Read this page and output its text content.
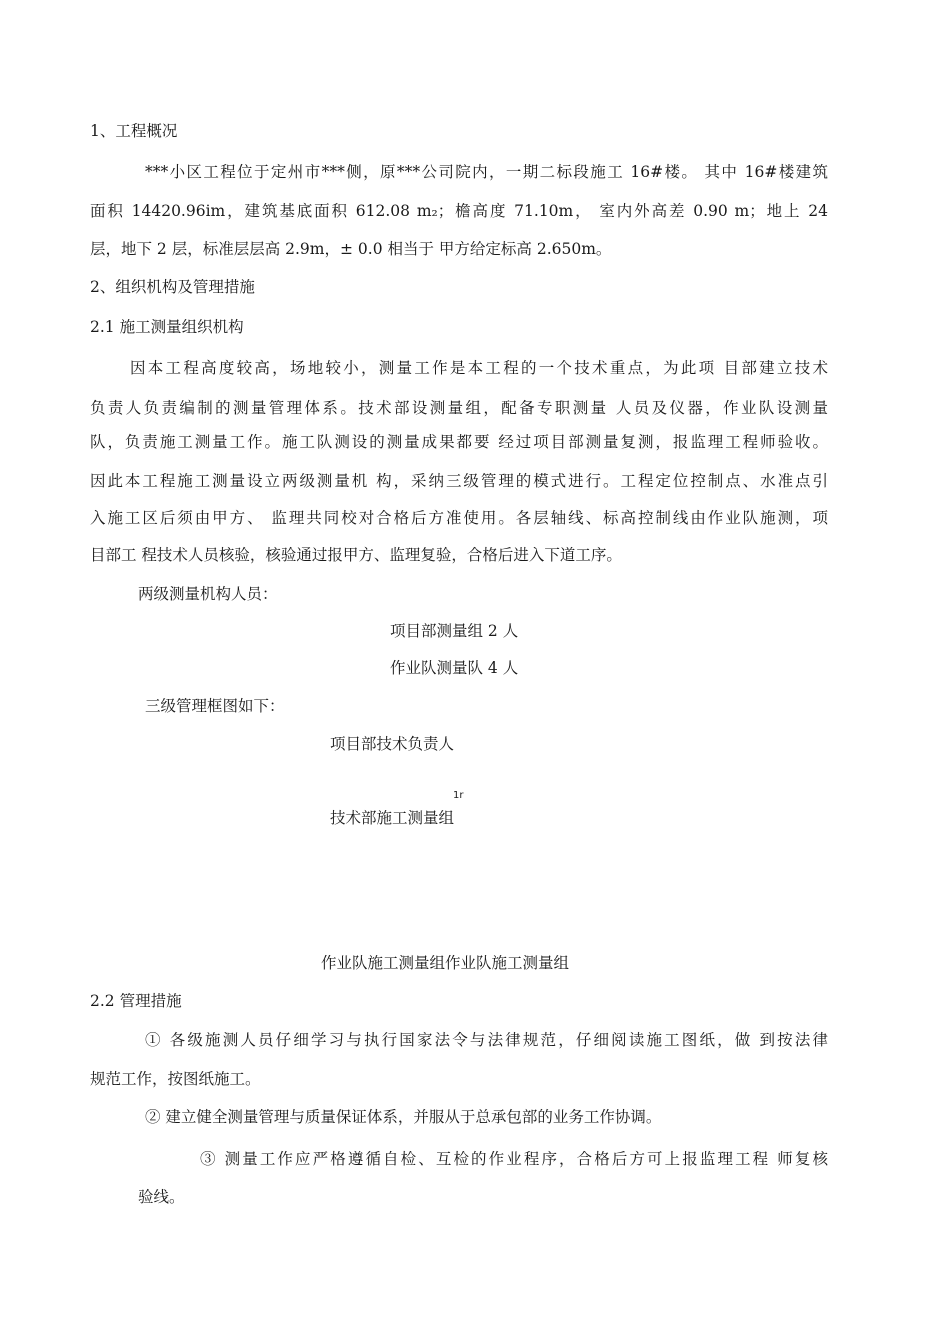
1、工程概况
***小区工程位于定州市***侧，原***公司院内，一期二标段施工 16#楼。 其中 16#楼建筑
面积 14420.96im，建筑基底面积 612.08 m₂；檐高度 71.10m， 室内外高差 0.90 m；地上 24
层，地下 2 层，标准层层高 2.9m，± 0.0 相当于 甲方给定标高 2.650m。
2、组织机构及管理措施
2.1 施工测量组织机构
因本工程高度较高，场地较小，测量工作是本工程的一个技术重点，为此项 目部建立技术
负责人负责编制的测量管理体系。技术部设测量组，配备专职测量 人员及仪器，作业队设测量
队，负责施工测量工作。施工队测设的测量成果都要 经过项目部测量复测，报监理工程师验收。
因此本工程施工测量设立两级测量机 构，采纳三级管理的模式进行。工程定位控制点、水准点引
入施工区后须由甲方、 监理共同校对合格后方准使用。各层轴线、标高控制线由作业队施测，项
目部工 程技术人员核验，核验通过报甲方、监理复验，合格后进入下道工序。
两级测量机构人员：
项目部测量组 2 人
作业队测量队 4 人
三级管理框图如下：
项目部技术负责人
1r
技术部施工测量组
作业队施工测量组作业队施工测量组
2.2 管理措施
① 各级施测人员仔细学习与执行国家法令与法律规范，仔细阅读施工图纸，做 到按法律
规范工作，按图纸施工。
② 建立健全测量管理与质量保证体系，并服从于总承包部的业务工作协调。
③ 测量工作应严格遵循自检、互检的作业程序，合格后方可上报监理工程 师复核
验线。
